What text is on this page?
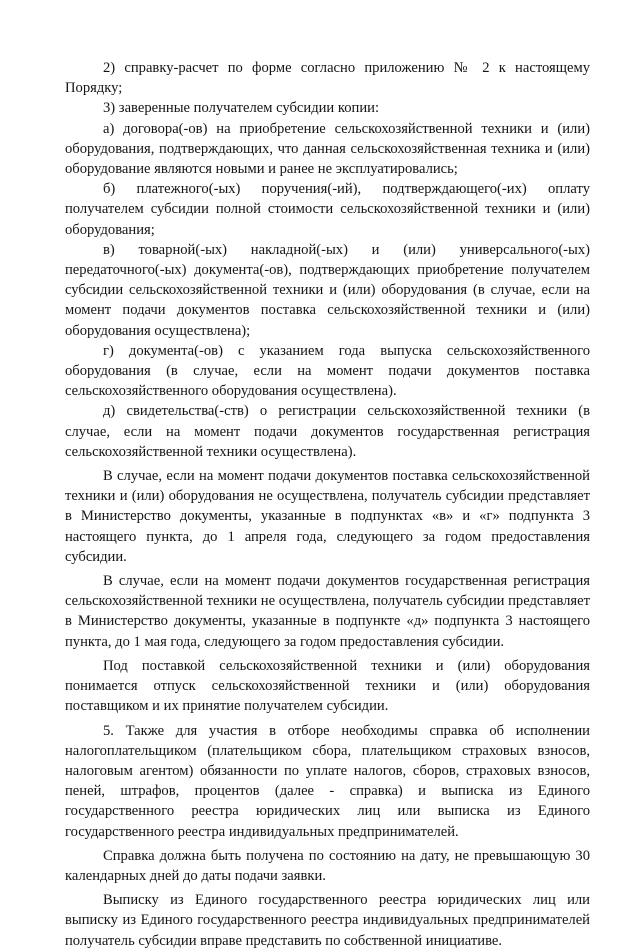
2) справку-расчет по форме согласно приложению № 2 к настоящему Порядку;

3) заверенные получателем субсидии копии:

а) договора(-ов) на приобретение сельскохозяйственной техники и (или) оборудования, подтверждающих, что данная сельскохозяйственная техника и (или) оборудование являются новыми и ранее не эксплуатировались;

б) платежного(-ых) поручения(-ий), подтверждающего(-их) оплату получателем субсидии полной стоимости сельскохозяйственной техники и (или) оборудования;

в) товарной(-ых) накладной(-ых) и (или) универсального(-ых) передаточного(-ых) документа(-ов), подтверждающих приобретение получателем субсидии сельскохозяйственной техники и (или) оборудования (в случае, если на момент подачи документов поставка сельскохозяйственной техники и (или) оборудования осуществлена);

г) документа(-ов) с указанием года выпуска сельскохозяйственного оборудования (в случае, если на момент подачи документов поставка сельскохозяйственного оборудования осуществлена).

д) свидетельства(-ств) о регистрации сельскохозяйственной техники (в случае, если на момент подачи документов государственная регистрация сельскохозяйственной техники осуществлена).

В случае, если на момент подачи документов поставка сельскохозяйственной техники и (или) оборудования не осуществлена, получатель субсидии представляет в Министерство документы, указанные в подпунктах «в» и «г» подпункта 3 настоящего пункта, до 1 апреля года, следующего за годом предоставления субсидии.

В случае, если на момент подачи документов государственная регистрация сельскохозяйственной техники не осуществлена, получатель субсидии представляет в Министерство документы, указанные в подпункте «д» подпункта 3 настоящего пункта, до 1 мая года, следующего за годом предоставления субсидии.

Под поставкой сельскохозяйственной техники и (или) оборудования понимается отпуск сельскохозяйственной техники и (или) оборудования поставщиком и их принятие получателем субсидии.

5. Также для участия в отборе необходимы справка об исполнении налогоплательщиком (плательщиком сбора, плательщиком страховых взносов, налоговым агентом) обязанности по уплате налогов, сборов, страховых взносов, пеней, штрафов, процентов (далее - справка) и выписка из Единого государственного реестра юридических лиц или выписка из Единого государственного реестра индивидуальных предпринимателей.

Справка должна быть получена по состоянию на дату, не превышающую 30 календарных дней до даты подачи заявки.

Выписку из Единого государственного реестра юридических лиц или выписку из Единого государственного реестра индивидуальных предпринимателей получатель субсидии вправе представить по собственной инициативе.
